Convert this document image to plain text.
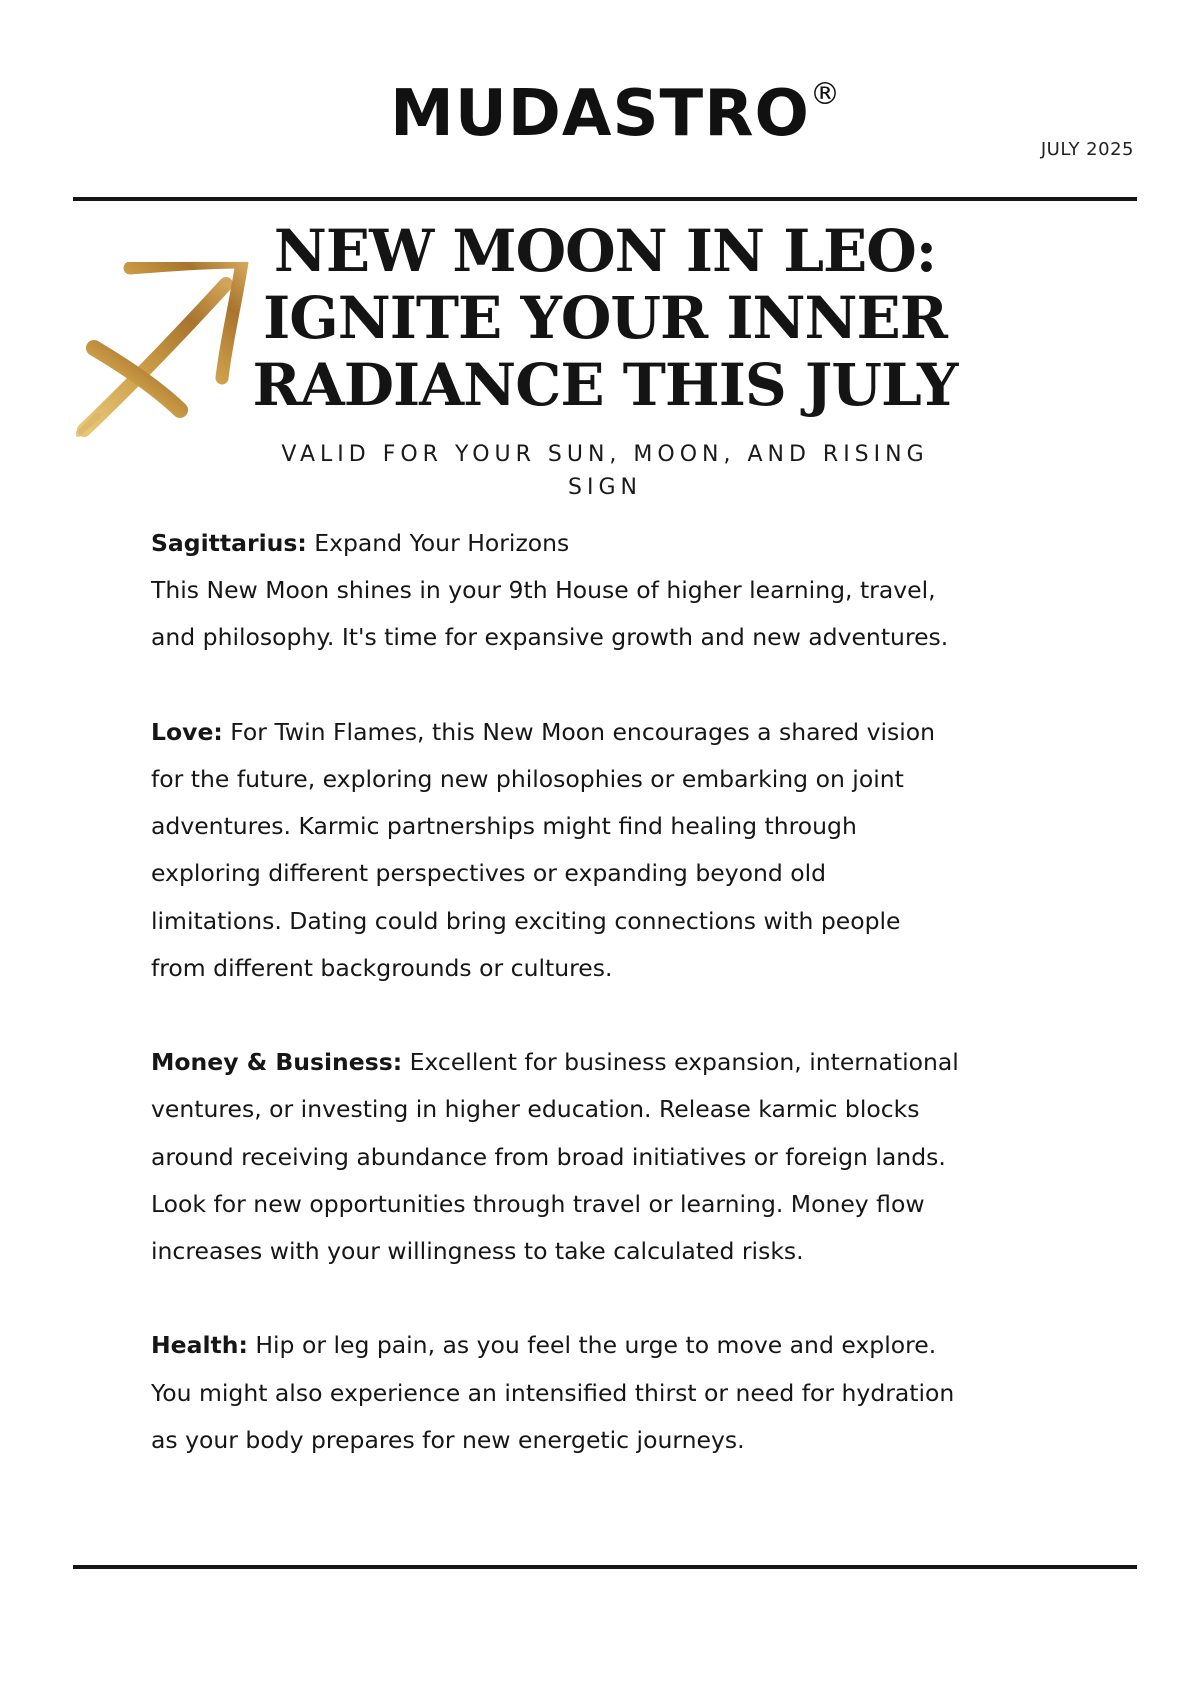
MUDASTRO ®
JULY 2025
NEW MOON IN LEO:
IGNITE YOUR INNER
RADIANCE THIS JULY
VALID FOR YOUR SUN, MOON, AND RISING
SIGN

Sagittarius: Expand Your Horizons
This New Moon shines in your 9th House of higher learning, travel,
and philosophy. It's time for expansive growth and new adventures.

Love: For Twin Flames, this New Moon encourages a shared vision
for the future, exploring new philosophies or embarking on joint
adventures. Karmic partnerships might find healing through
exploring different perspectives or expanding beyond old
limitations. Dating could bring exciting connections with people
from different backgrounds or cultures.

Money & Business: Excellent for business expansion, international
ventures, or investing in higher education. Release karmic blocks
around receiving abundance from broad initiatives or foreign lands.
Look for new opportunities through travel or learning. Money flow
increases with your willingness to take calculated risks.

Health: Hip or leg pain, as you feel the urge to move and explore.
You might also experience an intensified thirst or need for hydration
as your body prepares for new energetic journeys.
